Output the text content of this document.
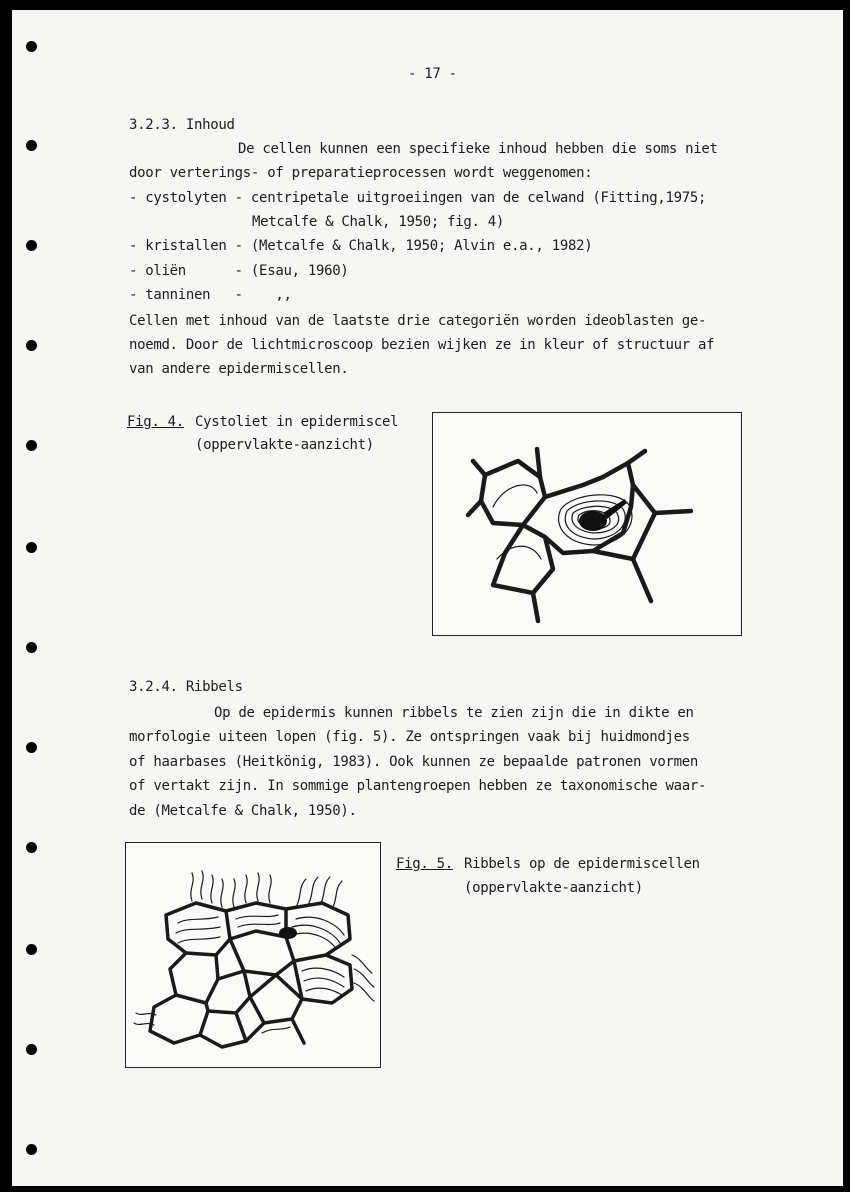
- 17 -
3.2.3. Inhoud
De cellen kunnen een specifieke inhoud hebben die soms niet
door verterings- of preparatieprocessen wordt weggenomen:
- cystolyten - centripetale uitgroeiingen van de celwand (Fitting,1975;
Metcalfe & Chalk, 1950; fig. 4)
- kristallen - (Metcalfe & Chalk, 1950; Alvin e.a., 1982)
- oliën      - (Esau, 1960)
- tanninen   -    ,,
Cellen met inhoud van de laatste drie categoriën worden ideoblasten ge-
noemd. Door de lichtmicroscoop bezien wijken ze in kleur of structuur af
van andere epidermiscellen.
Fig. 4. Cystoliet in epidermiscel
(oppervlakte-aanzicht)
3.2.4. Ribbels
Op de epidermis kunnen ribbels te zien zijn die in dikte en
morfologie uiteen lopen (fig. 5). Ze ontspringen vaak bij huidmondjes
of haarbases (Heitkönig, 1983). Ook kunnen ze bepaalde patronen vormen
of vertakt zijn. In sommige plantengroepen hebben ze taxonomische waar-
de (Metcalfe & Chalk, 1950).
Fig. 5. Ribbels op de epidermiscellen
(oppervlakte-aanzicht)
